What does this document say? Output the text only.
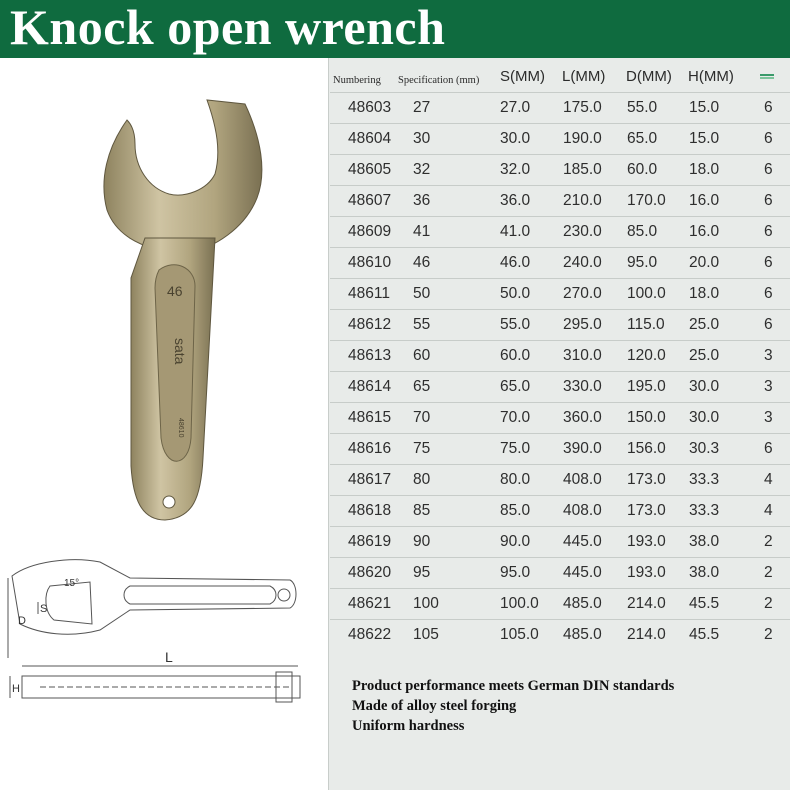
Knock open wrench
Numbering Specification (mm) S(MM) L(MM) D(MM) H(MM)
48603 27	27.0 175.0 55.0 15.0	6
48604 30	30.0 190.0 65.0 15.0	6
48605 32	32.0 185.0 60.0 18.0	6
48607 36	36.0 210.0 170.0 16.0	6
48609 41	41.0 230.0 85.0 16.0	6
48610 46	46.0 240.0 95.0 20.0	6
48611 50	50.0 270.0 100.0 18.0	6
48612 55	55.0 295.0 115.0 25.0	6
48613 60	60.0 310.0 120.0 25.0	3
48614 65	65.0 330.0 195.0 30.0	3
48615 70	70.0 360.0 150.0 30.0	3
48616 75	75.0 390.0 156.0 30.3	6
48617 80	80.0 408.0 173.0 33.3	4
48618 85	85.0 408.0 173.0 33.3	4
48619 90	90.0 445.0 193.0 38.0	2
48620 95	95.0 445.0 193.0 38.0	2
48621 100	100.0 485.0 214.0 45.5	2
48622 105	105.0 485.0 214.0 45.5	2
46
sata
48610
15°
S
D
L
H	Product performance meets German DIN standards
Made of alloy steel forging
Uniform hardness
